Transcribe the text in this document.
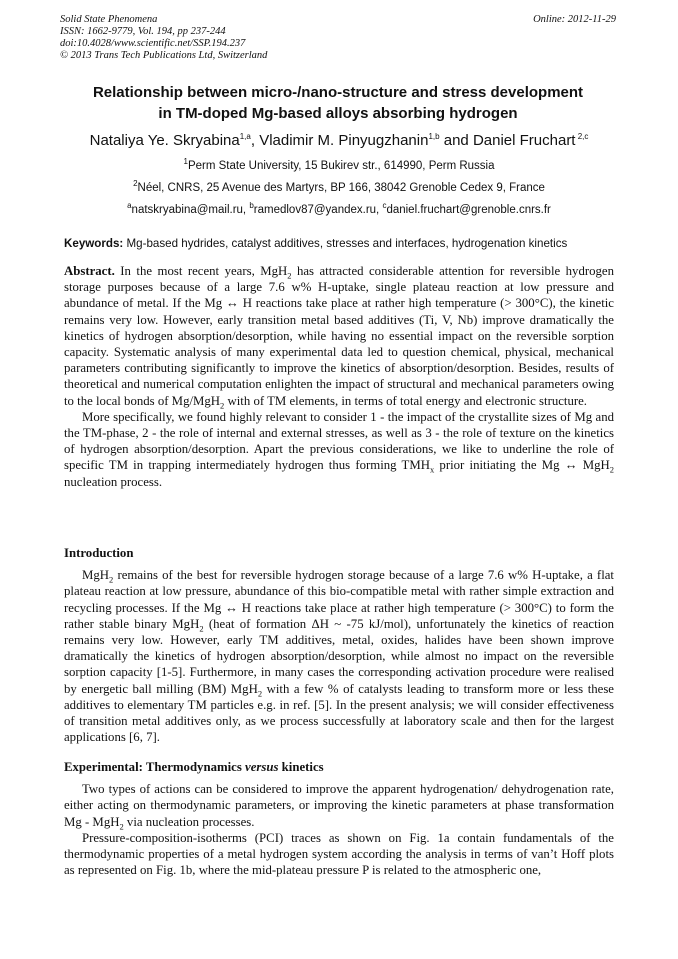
Solid State Phenomena
ISSN: 1662-9779, Vol. 194, pp 237-244
doi:10.4028/www.scientific.net/SSP.194.237
© 2013 Trans Tech Publications Ltd, Switzerland
Online: 2012-11-29
Relationship between micro-/nano-structure and stress development
in TM-doped Mg-based alloys absorbing hydrogen
Nataliya Ye. Skryabina$^{1,a}$, Vladimir M. Pinyugzhanin$^{1,b}$ and Daniel Fruchart $^{2,c}$
$^1$Perm State University, 15 Bukirev str., 614990, Perm Russia
$^2$Néel, CNRS, 25 Avenue des Martyrs, BP 166, 38042 Grenoble Cedex 9, France
$^a$natskryabina@mail.ru, $^b$ramedlov87@yandex.ru, $^c$daniel.fruchart@grenoble.cnrs.fr
Keywords: Mg-based hydrides, catalyst additives, stresses and interfaces, hydrogenation kinetics

Abstract. In the most recent years, MgH$_2$ has attracted considerable attention for reversible hydrogen storage purposes because of a large 7.6 w% H-uptake, single plateau reaction at low pressure and abundance of metal. If the Mg ↔ H reactions take place at rather high temperature (> 300°C), the kinetic remains very low. However, early transition metal based additives (Ti, V, Nb) improve dramatically the kinetics of hydrogen absorption/desorption, while having no essential impact on the reversible sorption capacity. Systematic analysis of many experimental data led to question chemical, physical, mechanical parameters contributing significantly to improve the kinetics of absorption/desorption. Besides, results of theoretical and numerical computation enlighten the impact of structural and mechanical parameters owing to the local bonds of Mg/MgH$_2$ with of TM elements, in terms of total energy and electronic structure.

More specifically, we found highly relevant to consider 1 - the impact of the crystallite sizes of Mg and the TM-phase, 2 - the role of internal and external stresses, as well as 3 - the role of texture on the kinetics of hydrogen absorption/desorption. Apart the previous considerations, we like to underline the role of specific TM in trapping intermediately hydrogen thus forming $TMH_x$ prior initiating the Mg ↔ MgH$_2$ nucleation process.

Introduction

MgH$_2$ remains of the best for reversible hydrogen storage because of a large 7.6 w% H-uptake, a flat plateau reaction at low pressure, abundance of this bio-compatible metal with rather simple extraction and recycling processes. If the Mg ↔ H reactions take place at rather high temperature (> 300°C) to form the rather stable binary MgH$_2$ (heat of formation ΔH ~ -75 kJ/mol), unfortunately the kinetics of reaction remains very low. However, early TM additives, metal, oxides, halides have been shown improve dramatically the kinetics of hydrogen absorption/desorption, while almost no impact on the reversible sorption capacity [1-5]. Furthermore, in many cases the corresponding activation procedure were realised by energetic ball milling (BM) MgH$_2$ with a few % of catalysts leading to transform more or less these additives to elementary TM particles e.g. in ref. [5]. In the present analysis; we will consider effectiveness of transition metal additives only, as we process successfully at laboratory scale and then for the largest applications [6, 7].

Experimental: Thermodynamics versus kinetics

Two types of actions can be considered to improve the apparent hydrogenation/ dehydrogenation rate, either acting on thermodynamic parameters, or improving the kinetic parameters at phase transformation Mg - MgH$_2$ via nucleation processes.

Pressure-composition-isotherms (PCI) traces as shown on Fig. 1a contain fundamentals of the thermodynamic properties of a metal hydrogen system according the analysis in terms of van’t Hoff plots as represented on Fig. 1b, where the mid-plateau pressure P is related to the atmospheric one,
